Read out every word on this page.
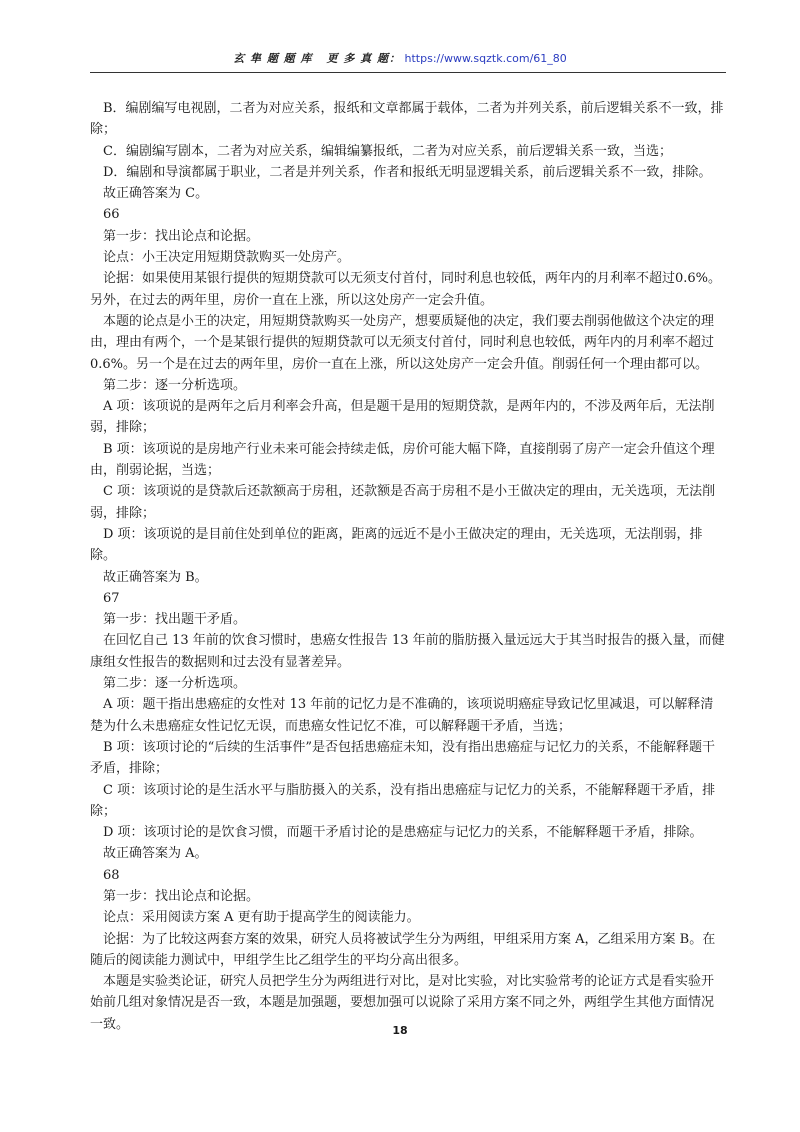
玄 隼 题 题 库 更 多 真 题： https://www.sqztk.com/61_80

B．编剧编写电视剧，二者为对应关系，报纸和文章都属于载体，二者为并列关系，前后逻辑关系不一致，排除；

C．编剧编写剧本，二者为对应关系，编辑编纂报纸，二者为对应关系，前后逻辑关系一致，当选；

D．编剧和导演都属于职业，二者是并列关系，作者和报纸无明显逻辑关系，前后逻辑关系不一致，排除。

故正确答案为 C。

66

第一步：找出论点和论据。

论点：小王决定用短期贷款购买一处房产。

论据：如果使用某银行提供的短期贷款可以无须支付首付，同时利息也较低，两年内的月利率不超过0.6%。另外，在过去的两年里，房价一直在上涨，所以这处房产一定会升值。

本题的论点是小王的决定，用短期贷款购买一处房产，想要质疑他的决定，我们要去削弱他做这个决定的理由，理由有两个，一个是某银行提供的短期贷款可以无须支付首付，同时利息也较低，两年内的月利率不超过0.6%。另一个是在过去的两年里，房价一直在上涨，所以这处房产一定会升值。削弱任何一个理由都可以。

第二步：逐一分析选项。

A 项：该项说的是两年之后月利率会升高，但是题干是用的短期贷款，是两年内的，不涉及两年后，无法削弱，排除；

B 项：该项说的是房地产行业未来可能会持续走低，房价可能大幅下降，直接削弱了房产一定会升值这个理由，削弱论据，当选；

C 项：该项说的是贷款后还款额高于房租，还款额是否高于房租不是小王做决定的理由，无关选项，无法削弱，排除；

D 项：该项说的是目前住处到单位的距离，距离的远近不是小王做决定的理由，无关选项，无法削弱，排除。

故正确答案为 B。

67

第一步：找出题干矛盾。

在回忆自己 13 年前的饮食习惯时，患癌女性报告 13 年前的脂肪摄入量远远大于其当时报告的摄入量，而健康组女性报告的数据则和过去没有显著差异。

第二步：逐一分析选项。

A 项：题干指出患癌症的女性对 13 年前的记忆力是不准确的，该项说明癌症导致记忆里减退，可以解释清楚为什么未患癌症女性记忆无误，而患癌女性记忆不准，可以解释题干矛盾，当选；

B 项：该项讨论的“后续的生活事件”是否包括患癌症未知，没有指出患癌症与记忆力的关系，不能解释题干矛盾，排除；

C 项：该项讨论的是生活水平与脂肪摄入的关系，没有指出患癌症与记忆力的关系，不能解释题干矛盾，排除；

D 项：该项讨论的是饮食习惯，而题干矛盾讨论的是患癌症与记忆力的关系，不能解释题干矛盾，排除。

故正确答案为 A。

68

第一步：找出论点和论据。

论点：采用阅读方案 A 更有助于提高学生的阅读能力。

论据：为了比较这两套方案的效果，研究人员将被试学生分为两组，甲组采用方案 A，乙组采用方案 B。在随后的阅读能力测试中，甲组学生比乙组学生的平均分高出很多。

本题是实验类论证，研究人员把学生分为两组进行对比，是对比实验，对比实验常考的论证方式是看实验开始前几组对象情况是否一致，本题是加强题，要想加强可以说除了采用方案不同之外，两组学生其他方面情况一致。	18
